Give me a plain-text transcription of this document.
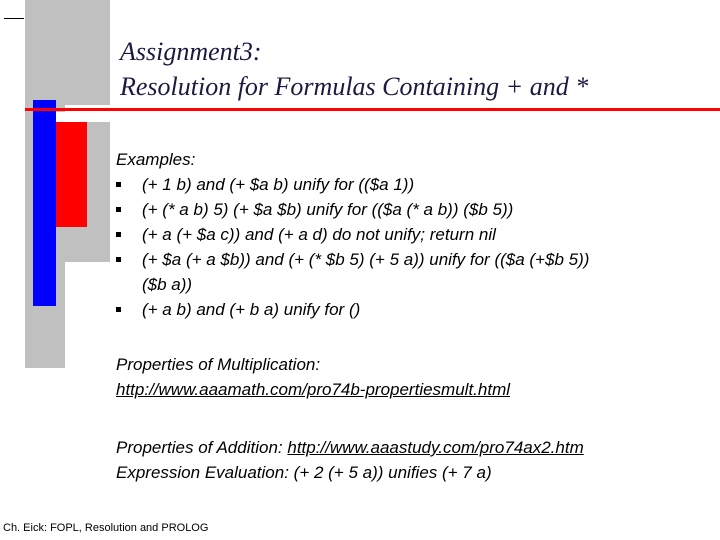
Assignment3:
Resolution for Formulas Containing + and *
Examples:
(+ 1 b) and (+ $a b) unify for (($a 1))
(+ (* a b) 5) (+ $a $b) unify for (($a (* a b)) ($b 5))
(+ a (+ $a c)) and (+ a d) do not unify; return nil
(+ $a (+ a $b)) and (+ (* $b 5) (+ 5 a)) unify for (($a (+$b 5))
($b a))
(+ a b) and (+ b a) unify for ()
Properties of Multiplication:
http://www.aaamath.com/pro74b-propertiesmult.html
Properties of Addition: http://www.aaastudy.com/pro74ax2.htm
Expression Evaluation: (+ 2 (+ 5 a)) unifies (+ 7 a)
Ch. Eick: FOPL, Resolution and PROLOG
